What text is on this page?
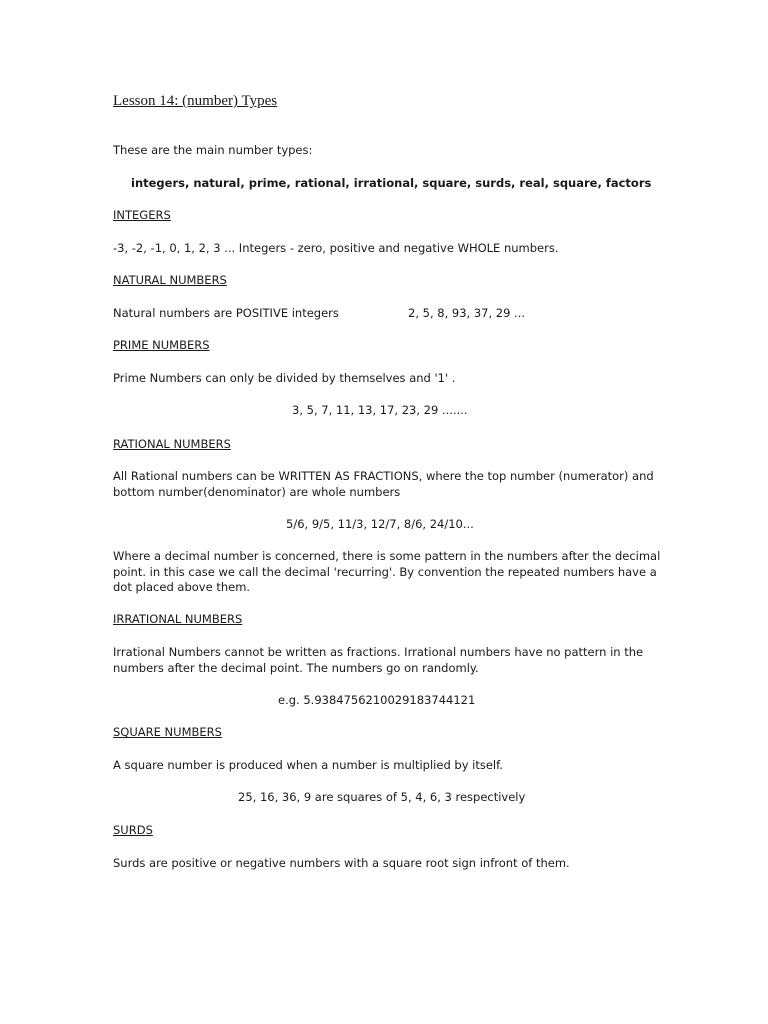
Lesson 14: (number) Types
These are the main number types:
integers, natural, prime, rational, irrational, square, surds, real, square, factors
INTEGERS
-3, -2, -1, 0, 1, 2, 3 ... Integers - zero, positive and negative WHOLE numbers.
NATURAL NUMBERS
Natural numbers are POSITIVE integers	2, 5, 8, 93, 37, 29 ...
PRIME NUMBERS
Prime Numbers can only be divided by themselves and '1' .
3, 5, 7, 11, 13, 17, 23, 29 .......
RATIONAL NUMBERS
All Rational numbers can be WRITTEN AS FRACTIONS, where the top number (numerator) and bottom number(denominator) are whole numbers
5/6, 9/5, 11/3, 12/7, 8/6, 24/10...
Where a decimal number is concerned, there is some pattern in the numbers after the decimal point. in this case we call the decimal 'recurring'. By convention the repeated numbers have a dot placed above them.
IRRATIONAL NUMBERS
Irrational Numbers cannot be written as fractions. Irrational numbers have no pattern in the numbers after the decimal point. The numbers go on randomly.
e.g. 5.9384756210029183744121
SQUARE NUMBERS
A square number is produced when a number is multiplied by itself.
25, 16, 36, 9 are squares of 5, 4, 6, 3 respectively
SURDS
Surds are positive or negative numbers with a square root sign infront of them.
